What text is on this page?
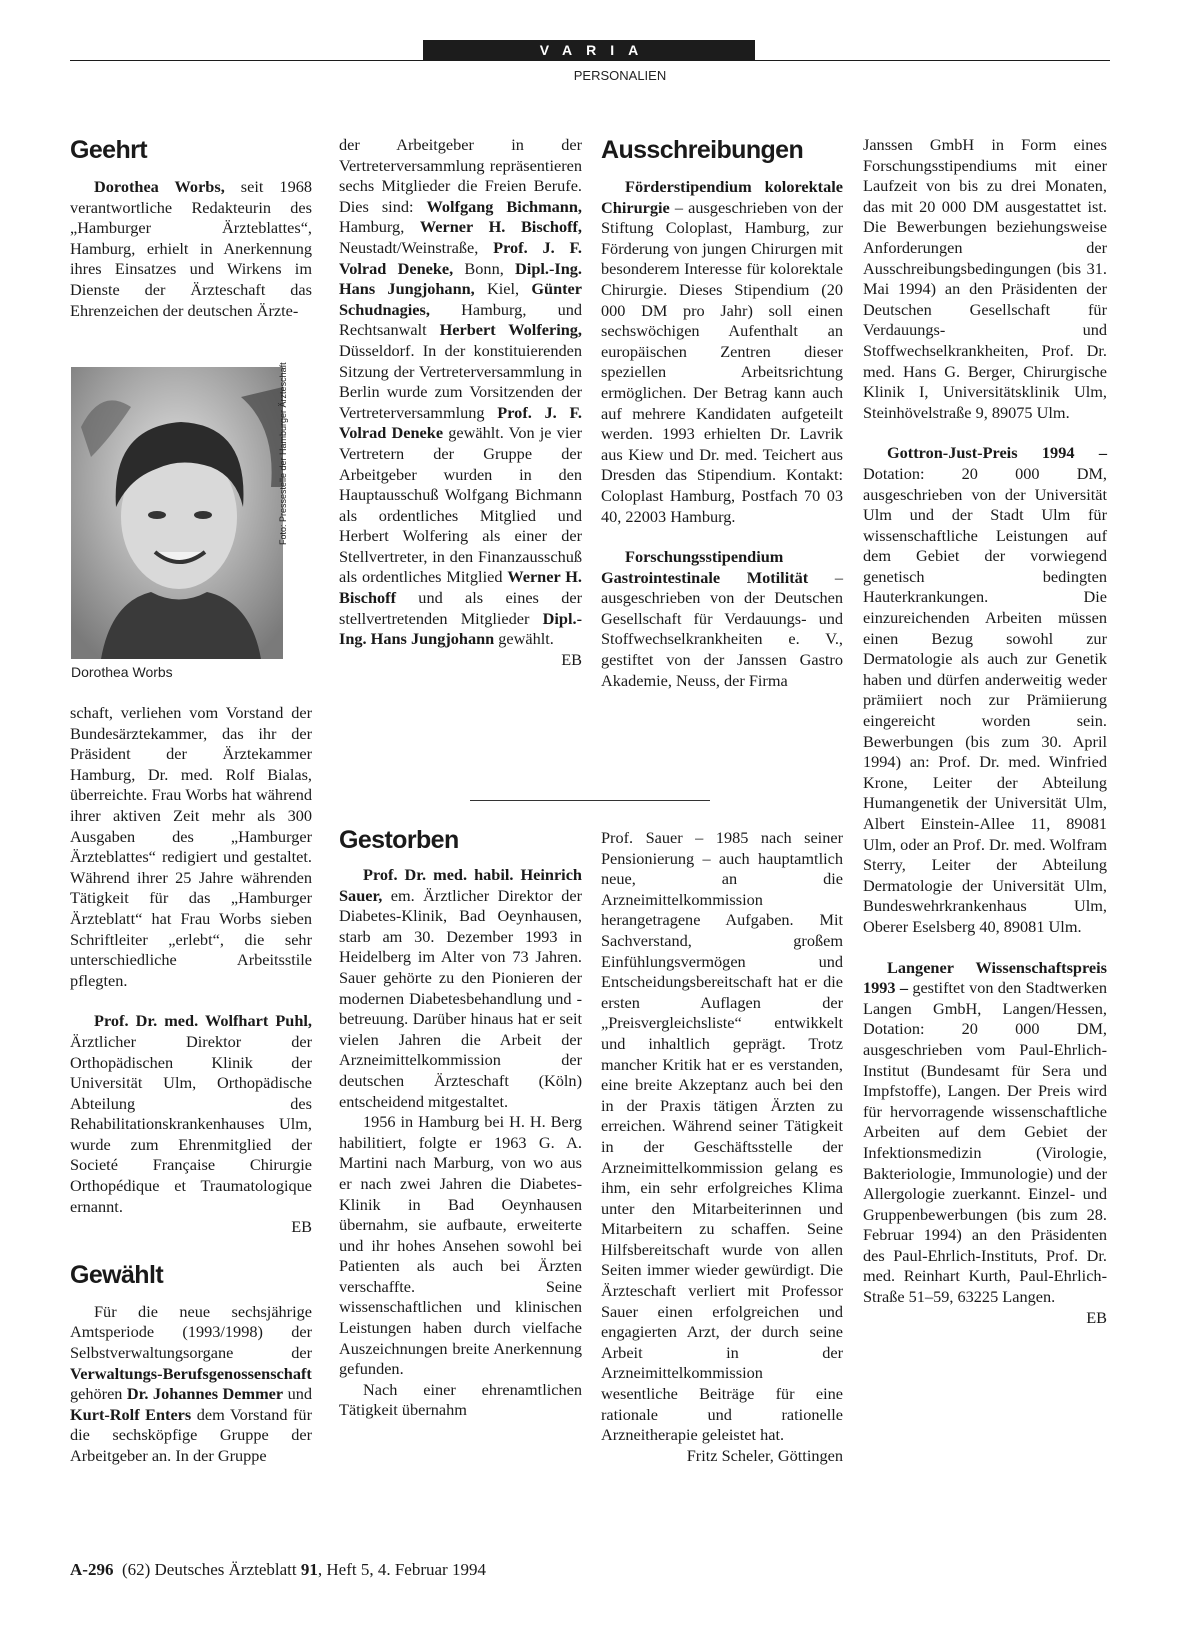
VARIA
PERSONALIEN
Geehrt

Dorothea Worbs, seit 1968 verantwortliche Redakteurin des „Hamburger Ärzteblattes“, Hamburg, erhielt in Anerkennung ihres Einsatzes und Wirkens im Dienste der Ärzteschaft das Ehrenzeichen der deutschen Ärzte-

Foto: Pressestelle der Hamburger Ärzteschaft
Dorothea Worbs

schaft, verliehen vom Vorstand der Bundesärztekammer, das ihr der Präsident der Ärztekammer Hamburg, Dr. med. Rolf Bialas, überreichte. Frau Worbs hat während ihrer aktiven Zeit mehr als 300 Ausgaben des „Hamburger Ärzteblattes“ redigiert und gestaltet. Während ihrer 25 Jahre währenden Tätigkeit für das „Hamburger Ärzteblatt“ hat Frau Worbs sieben Schriftleiter „erlebt“, die sehr unterschiedliche Arbeitsstile pflegten.

Prof. Dr. med. Wolfhart Puhl, Ärztlicher Direktor der Orthopädischen Klinik der Universität Ulm, Orthopädische Abteilung des Rehabilitationskrankenhauses Ulm, wurde zum Ehrenmitglied der Societé Française Chirurgie Orthopédique et Traumatologique ernannt.
EB

Gewählt

Für die neue sechsjährige Amtsperiode (1993/1998) der Selbstverwaltungsorgane der Verwaltungs-Berufsgenossenschaft gehören Dr. Johannes Demmer und Kurt-Rolf Enters dem Vorstand für die sechsköpfige Gruppe der Arbeitgeber an. In der Gruppe

der Arbeitgeber in der Vertreterversammlung repräsentieren sechs Mitglieder die Freien Berufe. Dies sind: Wolfgang Bichmann, Hamburg, Werner H. Bischoff, Neustadt/Weinstraße, Prof. J. F. Volrad Deneke, Bonn, Dipl.-Ing. Hans Jungjohann, Kiel, Günter Schudnagies, Hamburg, und Rechtsanwalt Herbert Wolfering, Düsseldorf. In der konstituierenden Sitzung der Vertreterversammlung in Berlin wurde zum Vorsitzenden der Vertreterversammlung Prof. J. F. Volrad Deneke gewählt. Von je vier Vertretern der Gruppe der Arbeitgeber wurden in den Hauptausschuß Wolfgang Bichmann als ordentliches Mitglied und Herbert Wolfering als einer der Stellvertreter, in den Finanzausschuß als ordentliches Mitglied Werner H. Bischoff und als eines der stellvertretenden Mitglieder Dipl.-Ing. Hans Jungjohann gewählt.
EB

Ausschreibungen

Förderstipendium kolorektale Chirurgie – ausgeschrieben von der Stiftung Coloplast, Hamburg, zur Förderung von jungen Chirurgen mit besonderem Interesse für kolorektale Chirurgie. Dieses Stipendium (20 000 DM pro Jahr) soll einen sechswöchigen Aufenthalt an europäischen Zentren dieser speziellen Arbeitsrichtung ermöglichen. Der Betrag kann auch auf mehrere Kandidaten aufgeteilt werden. 1993 erhielten Dr. Lavrik aus Kiew und Dr. med. Teichert aus Dresden das Stipendium. Kontakt: Coloplast Hamburg, Postfach 70 03 40, 22003 Hamburg.

Forschungsstipendium Gastrointestinale Motilität – ausgeschrieben von der Deutschen Gesellschaft für Verdauungs- und Stoffwechselkrankheiten e. V., gestiftet von der Janssen Gastro Akademie, Neuss, der Firma

Gestorben

Prof. Dr. med. habil. Heinrich Sauer, em. Ärztlicher Direktor der Diabetes-Klinik, Bad Oeynhausen, starb am 30. Dezember 1993 in Heidelberg im Alter von 73 Jahren. Sauer gehörte zu den Pionieren der modernen Diabetesbehandlung und -betreuung. Darüber hinaus hat er seit vielen Jahren die Arbeit der Arzneimittelkommission der deutschen Ärzteschaft (Köln) entscheidend mitgestaltet.

1956 in Hamburg bei H. H. Berg habilitiert, folgte er 1963 G. A. Martini nach Marburg, von wo aus er nach zwei Jahren die Diabetes-Klinik in Bad Oeynhausen übernahm, sie aufbaute, erweiterte und ihr hohes Ansehen sowohl bei Patienten als auch bei Ärzten verschaffte. Seine wissenschaftlichen und klinischen Leistungen haben durch vielfache Auszeichnungen breite Anerkennung gefunden.

Nach einer ehrenamtlichen Tätigkeit übernahm

Prof. Sauer – 1985 nach seiner Pensionierung – auch hauptamtlich neue, an die Arzneimittelkommission herangetragene Aufgaben. Mit Sachverstand, großem Einfühlungsvermögen und Entscheidungsbereitschaft hat er die ersten Auflagen der „Preisvergleichsliste“ entwikkelt und inhaltlich geprägt. Trotz mancher Kritik hat er es verstanden, eine breite Akzeptanz auch bei den in der Praxis tätigen Ärzten zu erreichen. Während seiner Tätigkeit in der Geschäftsstelle der Arzneimittelkommission gelang es ihm, ein sehr erfolgreiches Klima unter den Mitarbeiterinnen und Mitarbeitern zu schaffen. Seine Hilfsbereitschaft wurde von allen Seiten immer wieder gewürdigt. Die Ärzteschaft verliert mit Professor Sauer einen erfolgreichen und engagierten Arzt, der durch seine Arbeit in der Arzneimittelkommission wesentliche Beiträge für eine rationale und rationelle Arzneitherapie geleistet hat.

Fritz Scheler, Göttingen

Janssen GmbH in Form eines Forschungsstipendiums mit einer Laufzeit von bis zu drei Monaten, das mit 20 000 DM ausgestattet ist. Die Bewerbungen beziehungsweise Anforderungen der Ausschreibungsbedingungen (bis 31. Mai 1994) an den Präsidenten der Deutschen Gesellschaft für Verdauungs- und Stoffwechselkrankheiten, Prof. Dr. med. Hans G. Berger, Chirurgische Klinik I, Universitätsklinik Ulm, Steinhövelstraße 9, 89075 Ulm.

Gottron-Just-Preis 1994 – Dotation: 20 000 DM, ausgeschrieben von der Universität Ulm und der Stadt Ulm für wissenschaftliche Leistungen auf dem Gebiet der vorwiegend genetisch bedingten Hauterkrankungen. Die einzureichenden Arbeiten müssen einen Bezug sowohl zur Dermatologie als auch zur Genetik haben und dürfen anderweitig weder prämiiert noch zur Prämiierung eingereicht worden sein. Bewerbungen (bis zum 30. April 1994) an: Prof. Dr. med. Winfried Krone, Leiter der Abteilung Humangenetik der Universität Ulm, Albert Einstein-Allee 11, 89081 Ulm, oder an Prof. Dr. med. Wolfram Sterry, Leiter der Abteilung Dermatologie der Universität Ulm, Bundeswehrkrankenhaus Ulm, Oberer Eselsberg 40, 89081 Ulm.

Langener Wissenschaftspreis 1993 – gestiftet von den Stadtwerken Langen GmbH, Langen/Hessen, Dotation: 20 000 DM, ausgeschrieben vom Paul-Ehrlich-Institut (Bundesamt für Sera und Impfstoffe), Langen. Der Preis wird für hervorragende wissenschaftliche Arbeiten auf dem Gebiet der Infektionsmedizin (Virologie, Bakteriologie, Immunologie) und der Allergologie zuerkannt. Einzel- und Gruppenbewerbungen (bis zum 28. Februar 1994) an den Präsidenten des Paul-Ehrlich-Instituts, Prof. Dr. med. Reinhart Kurth, Paul-Ehrlich-Straße 51–59, 63225 Langen.
EB

A-296 (62) Deutsches Ärzteblatt 91, Heft 5, 4. Februar 1994
